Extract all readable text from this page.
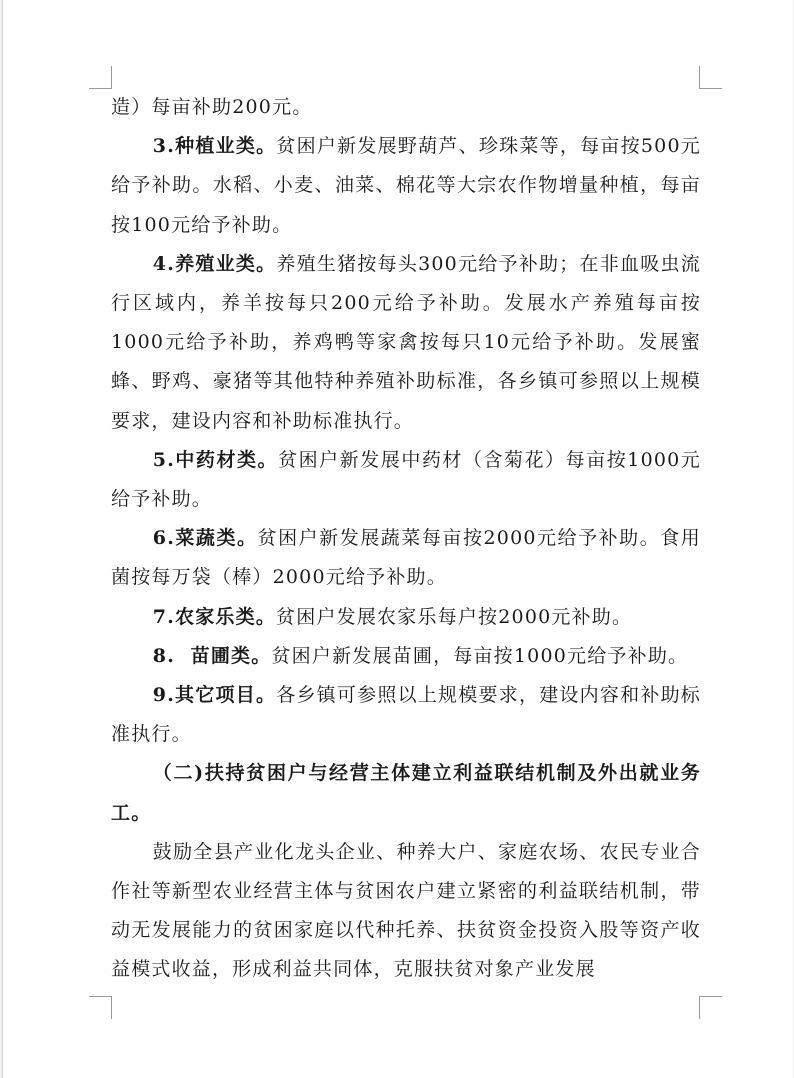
造）每亩补助200元。

3.种植业类。贫困户新发展野葫芦、珍珠菜等，每亩按500元给予补助。水稻、小麦、油菜、棉花等大宗农作物增量种植，每亩按100元给予补助。

4.养殖业类。养殖生猪按每头300元给予补助；在非血吸虫流行区域内，养羊按每只200元给予补助。发展水产养殖每亩按1000元给予补助，养鸡鸭等家禽按每只10元给予补助。发展蜜蜂、野鸡、豪猪等其他特种养殖补助标准，各乡镇可参照以上规模要求，建设内容和补助标准执行。

5.中药材类。贫困户新发展中药材（含菊花）每亩按1000元给予补助。

6.菜蔬类。贫困户新发展蔬菜每亩按2000元给予补助。食用菌按每万袋（棒）2000元给予补助。

7.农家乐类。贫困户发展农家乐每户按2000元补助。

8.  苗圃类。贫困户新发展苗圃，每亩按1000元给予补助。

9.其它项目。各乡镇可参照以上规模要求，建设内容和补助标准执行。

（二)扶持贫困户与经营主体建立利益联结机制及外出就业务工。

鼓励全县产业化龙头企业、种养大户、家庭农场、农民专业合作社等新型农业经营主体与贫困农户建立紧密的利益联结机制，带动无发展能力的贫困家庭以代种托养、扶贫资金投资入股等资产收益模式收益，形成利益共同体，克服扶贫对象产业发展
